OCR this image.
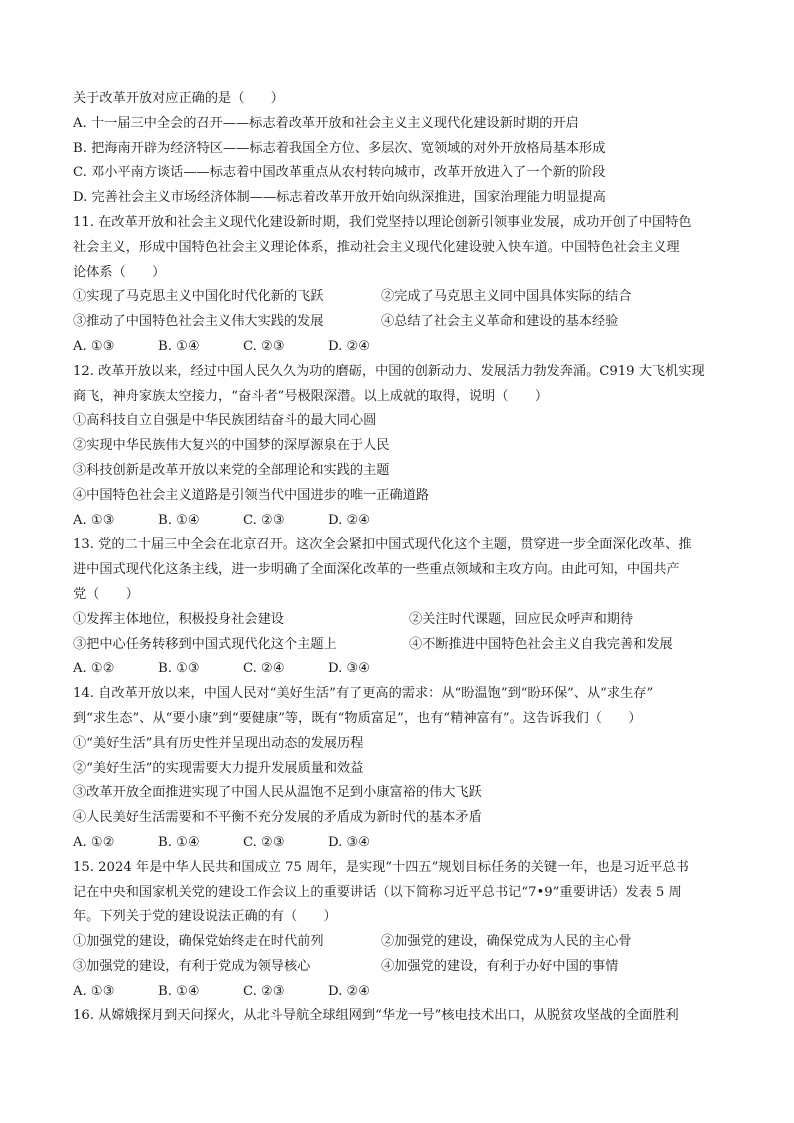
关于改革开放对应正确的是（　　）
A. 十一届三中全会的召开——标志着改革开放和社会主义主义现代化建设新时期的开启
B. 把海南开辟为经济特区——标志着我国全方位、多层次、宽领域的对外开放格局基本形成
C. 邓小平南方谈话——标志着中国改革重点从农村转向城市，改革开放进入了一个新的阶段
D. 完善社会主义市场经济体制——标志着改革开放开始向纵深推进，国家治理能力明显提高
11. 在改革开放和社会主义现代化建设新时期，我们党坚持以理论创新引领事业发展，成功开创了中国特色
社会主义，形成中国特色社会主义理论体系，推动社会主义现代化建设驶入快车道。中国特色社会主义理
论体系（　　）
①实现了马克思主义中国化时代化新的飞跃	②完成了马克思主义同中国具体实际的结合
③推动了中国特色社会主义伟大实践的发展	④总结了社会主义革命和建设的基本经验
A. ①③	B. ①④	C. ②③	D. ②④
12. 改革开放以来，经过中国人民久久为功的磨砺，中国的创新动力、发展活力勃发奔涌。C919 大飞机实现
商飞，神舟家族太空接力，“奋斗者”号极限深潜。以上成就的取得，说明（　　）
①高科技自立自强是中华民族团结奋斗的最大同心圆
②实现中华民族伟大复兴的中国梦的深厚源泉在于人民
③科技创新是改革开放以来党的全部理论和实践的主题
④中国特色社会主义道路是引领当代中国进步的唯一正确道路
A. ①③	B. ①④	C. ②③	D. ②④
13. 党的二十届三中全会在北京召开。这次全会紧扣中国式现代化这个主题，贯穿进一步全面深化改革、推
进中国式现代化这条主线，进一步明确了全面深化改革的一些重点领域和主攻方向。由此可知，中国共产
党（　　）
①发挥主体地位，积极投身社会建设	②关注时代课题，回应民众呼声和期待
③把中心任务转移到中国式现代化这个主题上	④不断推进中国特色社会主义自我完善和发展
A. ①②	B. ①③	C. ②④	D. ③④
14. 自改革开放以来，中国人民对“美好生活”有了更高的需求：从“盼温饱”到“盼环保”、从“求生存”
到“求生态”、从“要小康”到“要健康”等，既有“物质富足”，也有“精神富有”。这告诉我们（　　）
①“美好生活”具有历史性并呈现出动态的发展历程
②“美好生活”的实现需要大力提升发展质量和效益
③改革开放全面推进实现了中国人民从温饱不足到小康富裕的伟大飞跃
④人民美好生活需要和不平衡不充分发展的矛盾成为新时代的基本矛盾
A. ①②	B. ①④	C. ②③	D. ③④
15. 2024 年是中华人民共和国成立 75 周年，是实现“十四五”规划目标任务的关键一年，也是习近平总书
记在中央和国家机关党的建设工作会议上的重要讲话（以下简称习近平总书记“7•9”重要讲话）发表 5 周
年。下列关于党的建设说法正确的有（　　）
①加强党的建设，确保党始终走在时代前列	②加强党的建设，确保党成为人民的主心骨
③加强党的建设，有利于党成为领导核心	④加强党的建设，有利于办好中国的事情
A. ①③	B. ①④	C. ②③	D. ②④
16. 从嫦娥探月到天问探火，从北斗导航全球组网到“华龙一号”核电技术出口，从脱贫攻坚战的全面胜利
